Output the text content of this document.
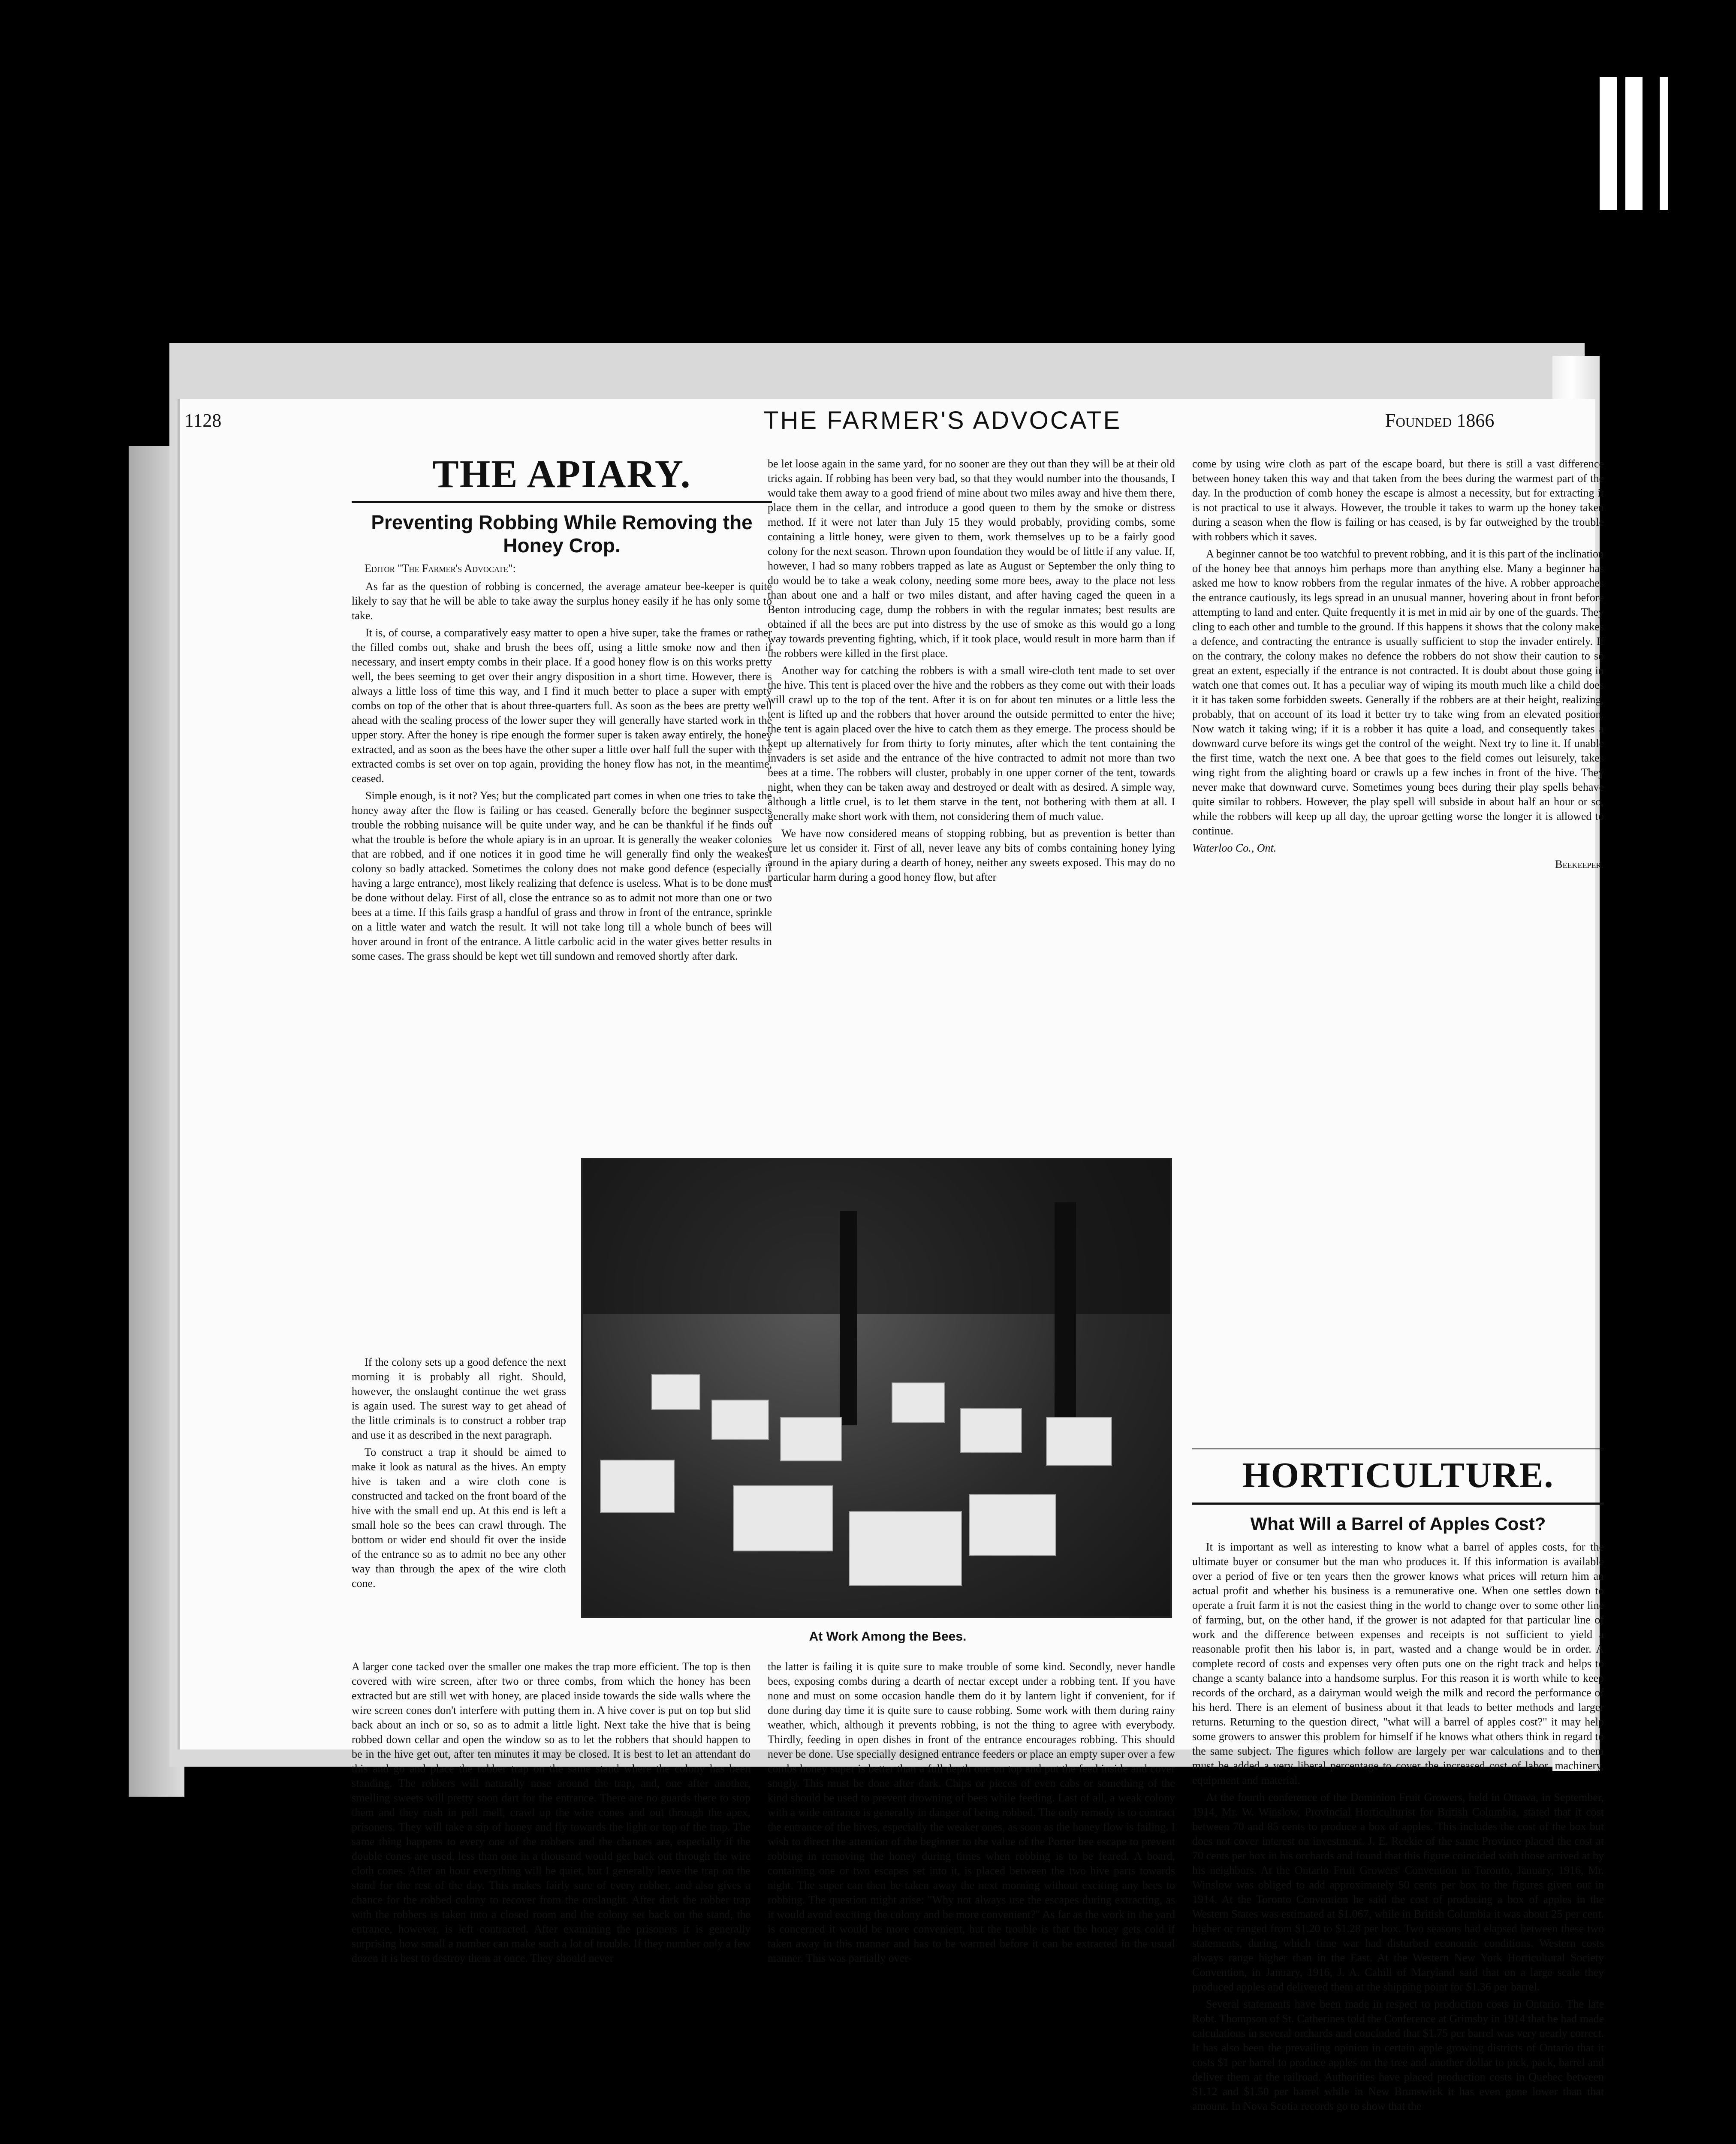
1128	THE FARMER'S ADVOCATE	Founded 1866
THE APIARY.
Preventing Robbing While Removing the Honey Crop.
Editor "The Farmer's Advocate":

As far as the question of robbing is concerned, the average amateur bee-keeper is quite likely to say that he will be able to take away the surplus honey easily if he has only some to take.

It is, of course, a comparatively easy matter to open a hive super, take the frames or rather the filled combs out, shake and brush the bees off, using a little smoke now and then if necessary, and insert empty combs in their place. If a good honey flow is on this works pretty well, the bees seeming to get over their angry disposition in a short time. However, there is always a little loss of time this way, and I find it much better to place a super with empty combs on top of the other that is about three-quarters full. As soon as the bees are pretty well ahead with the sealing process of the lower super they will generally have started work in the upper story. After the honey is ripe enough the former super is taken away entirely, the honey extracted, and as soon as the bees have the other super a little over half full the super with the extracted combs is set over on top again, providing the honey flow has not, in the meantime, ceased.

Simple enough, is it not? Yes; but the complicated part comes in when one tries to take the honey away after the flow is failing or has ceased. Generally before the beginner suspects trouble the robbing nuisance will be quite under way, and he can be thankful if he finds out what the trouble is before the whole apiary is in an uproar. It is generally the weaker colonies that are robbed, and if one notices it in good time he will generally find only the weakest colony so badly attacked. Sometimes the colony does not make good defence (especially if having a large entrance), most likely realizing that defence is useless. What is to be done must be done without delay. First of all, close the entrance so as to admit not more than one or two bees at a time. If this fails grasp a handful of grass and throw in front of the entrance, sprinkle on a little water and watch the result. It will not take long till a whole bunch of bees will hover around in front of the entrance. A little carbolic acid in the water gives better results in some cases. The grass should be kept wet till sundown and removed shortly after dark.

If the colony sets up a good defence the next morning it is probably all right. Should, however, the onslaught continue the wet grass is again used. The surest way to get ahead of the little criminals is to construct a robber trap and use it as described in the next paragraph.

To construct a trap it should be aimed to make it look as natural as the hives. An empty hive is taken and a wire cloth cone is constructed and tacked on the front board of the hive with the small end up. At this end is left a small hole so the bees can crawl through. The bottom or wider end should fit over the inside of the entrance so as to admit no bee any other way than through the apex of the wire cloth cone.

be let loose again in the same yard, for no sooner are they out than they will be at their old tricks again. If robbing has been very bad, so that they would number into the thousands, I would take them away to a good friend of mine about two miles away and hive them there, place them in the cellar, and introduce a good queen to them by the smoke or distress method. If it were not later than July 15 they would probably, providing combs, some containing a little honey, were given to them, work themselves up to be a fairly good colony for the next season. Thrown upon foundation they would be of little if any value. If, however, I had so many robbers trapped as late as August or September the only thing to do would be to take a weak colony, needing some more bees, away to the place not less than about one and a half or two miles distant, and after having caged the queen in a Benton introducing cage, dump the robbers in with the regular inmates; best results are obtained if all the bees are put into distress by the use of smoke as this would go a long way towards preventing fighting, which, if it took place, would result in more harm than if the robbers were killed in the first place.

Another way for catching the robbers is with a small wire-cloth tent made to set over the hive. This tent is placed over the hive and the robbers as they come out with their loads will crawl up to the top of the tent. After it is on for about ten minutes or a little less the tent is lifted up and the robbers that hover around the outside permitted to enter the hive; the tent is again placed over the hive to catch them as they emerge. The process should be kept up alternatively for from thirty to forty minutes, after which the tent containing the invaders is set aside and the entrance of the hive contracted to admit not more than two bees at a time. The robbers will cluster, probably in one upper corner of the tent, towards night, when they can be taken away and destroyed or dealt with as desired. A simple way, although a little cruel, is to let them starve in the tent, not bothering with them at all. I generally make short work with them, not considering them of much value.

We have now considered means of stopping robbing, but as prevention is better than cure let us consider it. First of all, never leave any bits of combs containing honey lying around in the apiary during a dearth of honey, neither any sweets exposed. This may do no particular harm during a good honey flow, but after

At Work Among the Bees.

A larger cone tacked over the smaller one makes the trap more efficient. The top is then covered with wire screen, after two or three combs, from which the honey has been extracted but are still wet with honey, are placed inside towards the side walls where the wire screen cones don't interfere with putting them in. A hive cover is put on top but slid back about an inch or so, so as to admit a little light. Next take the hive that is being robbed down cellar and open the window so as to let the robbers that should happen to be in the hive get out, after ten minutes it may be closed. It is best to let an attendant do this and go and place the robber trap on the same stand where the colony has been standing. The robbers will naturally nose around the trap, and, one after another, smelling sweets will pretty soon dart for the entrance. There are no guards there to stop them and they rush in pell mell, crawl up the wire cones and out through the apex, prisoners. They will take a sip of honey and fly towards the light or top of the trap. The same thing happens to every one of the robbers and the chances are, especially if the double cones are used, less than one in a thousand would get back out through the wire cloth cones. After an hour everything will be quiet, but I generally leave the trap on the stand for the rest of the day. This makes fairly sure of every robber, and also gives a chance for the robbed colony to recover from the onslaught. After dark the robber trap with the robbers is taken into a closed room and the colony set back on the stand, the entrance, however, is left contracted. After examining the prisoners it is generally surprising how small a number can make such a lot of trouble. If they number only a few dozen it is best to destroy them at once. They should never

the latter is failing it is quite sure to make trouble of some kind. Secondly, never handle bees, exposing combs during a dearth of nectar except under a robbing tent. If you have none and must on some occasion handle them do it by lantern light if convenient, for if done during day time it is quite sure to cause robbing. Some work with them during rainy weather, which, although it prevents robbing, is not the thing to agree with everybody. Thirdly, feeding in open dishes in front of the entrance encourages robbing. This should never be done. Use specially designed entrance feeders or place an empty super over a few combs honey super is better than a full depth one on top and put the feed inside and cover snugly. This must be done after dark. Chips or pieces of even cabs or something of the kind should be used to prevent drowning of bees while feeding. Last of all, a weak colony with a wide entrance is generally in danger of being robbed. The only remedy is to contract the entrance of the hives, especially the weaker ones, as soon as the honey flow is failing. I wish to direct the attention of the beginner to the value of the Porter bee escape to prevent robbing in removing the honey during times when robbing is to be feared. A board, containing one or two escapes set into it, is placed between the two hive parts towards night. The super can then be taken away the next morning without exciting any bees to robbing. The question might arise: "Why not always use the escapes during extracting, as it would avoid exciting the colony and be more convenient?" As far as the work in the yard is concerned it would be more convenient, but the trouble is that the honey gets cold if taken away in this manner and has to be warmed before it can be extracted in the usual manner. This was partially over-

come by using wire cloth as part of the escape board, but there is still a vast difference between honey taken this way and that taken from the bees during the warmest part of the day. In the production of comb honey the escape is almost a necessity, but for extracting it is not practical to use it always. However, the trouble it takes to warm up the honey taken during a season when the flow is failing or has ceased, is by far outweighed by the trouble with robbers which it saves.

A beginner cannot be too watchful to prevent robbing, and it is this part of the inclination of the honey bee that annoys him perhaps more than anything else. Many a beginner has asked me how to know robbers from the regular inmates of the hive. A robber approaches the entrance cautiously, its legs spread in an unusual manner, hovering about in front before attempting to land and enter. Quite frequently it is met in mid air by one of the guards. They cling to each other and tumble to the ground. If this happens it shows that the colony makes a defence, and contracting the entrance is usually sufficient to stop the invader entirely. If on the contrary, the colony makes no defence the robbers do not show their caution to so great an extent, especially if the entrance is not contracted. It is doubt about those going in watch one that comes out. It has a peculiar way of wiping its mouth much like a child does it it has taken some forbidden sweets. Generally if the robbers are at their height, realizing, probably, that on account of its load it better try to take wing from an elevated position. Now watch it taking wing; if it is a robber it has quite a load, and consequently takes a downward curve before its wings get the control of the weight. Next try to line it. If unable the first time, watch the next one. A bee that goes to the field comes out leisurely, takes wing right from the alighting board or crawls up a few inches in front of the hive. They never make that downward curve. Sometimes young bees during their play spells behave quite similar to robbers. However, the play spell will subside in about half an hour or so, while the robbers will keep up all day, the uproar getting worse the longer it is allowed to continue.

Waterloo Co., Ont.
Beekeeper.
HORTICULTURE.
What Will a Barrel of Apples Cost?

It is important as well as interesting to know what a barrel of apples costs, for the ultimate buyer or consumer but the man who produces it. If this information is available over a period of five or ten years then the grower knows what prices will return him an actual profit and whether his business is a remunerative one. When one settles down to operate a fruit farm it is not the easiest thing in the world to change over to some other line of farming, but, on the other hand, if the grower is not adapted for that particular line of work and the difference between expenses and receipts is not sufficient to yield a reasonable profit then his labor is, in part, wasted and a change would be in order. A complete record of costs and expenses very often puts one on the right track and helps to change a scanty balance into a handsome surplus. For this reason it is worth while to keep records of the orchard, as a dairyman would weigh the milk and record the performance of his herd. There is an element of business about it that leads to better methods and larger returns. Returning to the question direct, "what will a barrel of apples cost?" it may help some growers to answer this problem for himself if he knows what others think in regard to the same subject. The figures which follow are largely per war calculations and to them must be added a very liberal percentage to cover the increased cost of labor, machinery, equipment and material.

At the fourth conference of the Dominion Fruit Growers, held in Ottawa, in September, 1914, Mr. W. Winslow, Provincial Horticulturist for British Columbia, stated that it cost between 70 and 85 cents to produce a box of apples. This includes the cost of the box but does not cover interest on investment. J. E. Reekie of the same Province placed the cost at 70 cents per box in his orchards and found that this figure coincided with those arrived at by his neighbors. At the Ontario Fruit Growers' Convention in Toronto, January, 1916, Mr. Winslow was obliged to add approximately 50 cents per box to the figures given out in 1914. At the Toronto Convention he said the cost of producing a box of apples in the Western States was estimated at $1.067, while in British Columbia it was about 25 per cent. higher or ranged from $1.20 to $1.28 per box. Two seasons had elapsed between these two statements, during which time war had disturbed economic conditions. Western costs always range higher than in the East. At the Western New York Horticultural Society Convention, in January, 1916, J. A. Cahill of Maryland said that on a large scale they produced apples and delivered them at the shipping point for $1.36 per barrel.

Several statements have been made in respect to production costs in Ontario. The late Robt. Thompson of St. Catherines told the Conference at Grimsby in 1914 that he had made calculations in several orchards and concluded that $1.75 per barrel was very nearly correct. It has also been the prevailing opinion in certain apple growing districts of Ontario that it costs $1 per barrel to produce apples on the tree and another dollar to pick, pack, barrel and deliver them at the railroad. Authorities have placed production costs in Quebec between $1.12 and $1.50 per barrel while in New Brunswick it has even gone lower than that amount. In Nova Scotia records go to show that the
